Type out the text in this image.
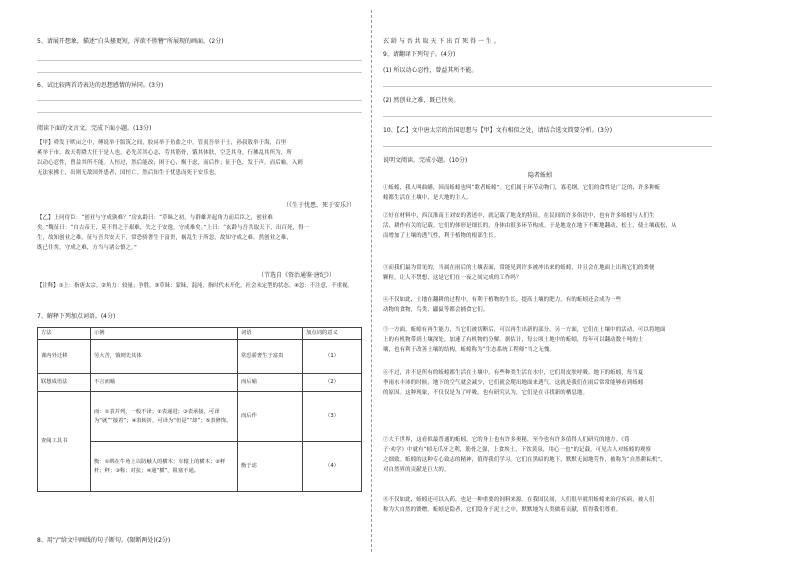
5、请展开想象，描述“白头搔更短，浑欲不胜簪”所展现的画面。(2分)
6、试比较两首诗表达的思想感情的异同。(3分)
阅读下面的文言文，完成下面小题。(13分)
【甲】舜发于畎亩之中，傅说举于版筑之间，胶鬲举于鱼盐之中，管夷吾举于士，孙叔敖举于海，百里
奚举于市。故天将降大任于是人也，必先苦其心志，劳其筋骨，饿其体肤，空乏其身，行拂乱其所为，所
以动心忍性，曾益其所不能。人恒过，然后能改；困于心，衡于虑，而后作；征于色，发于声，而后喻。入则
无法家拂士，出则无敌国外患者，国恒亡。然后知生于忧患而死于安乐也。
（《生于忧患，死于安乐》）
【乙】上问侍臣：“创业与守成孰难？”房玄龄曰：“草昧之初，与群雄并起角力而后臣之，创业难
矣。”魏征曰：“自古帝王，莫不得之于艰难，失之于安逸，守成难矣。”上曰：“玄龄与吾共取天下，出百死，得一
生，故知创业之难。征与吾共安天下，常恐骄奢生于富贵，祸乱生于所忽，故知守成之难。然创业之难，
既已往矣，守成之难，方当与诸公慎之。”
（节选自《资治通鉴·唐纪》）
【注释】①上：指唐太宗。②角力：较量；争胜。③草昧：蒙昧，混沌，指时代未开化，社会未定型的状态。④忽：不注意，不重视。
7、解释下列加点词语。(4分)
方法	示例	词语	加点词的意义
课内外迁移	劳大苦，饿则先其体	常恐骄奢生于富贵	（1）
联想成语法	不言而喻	而后喻	（2）
查阅工具书	而：①表并列，一般不译；②表递进；③表承接，可译为“就”“接着”；④表转折，可译为“但是”“却”；⑤表修饰。	而后作	（3）
	衡：①绑在牛角上以防触人的横木；车辕上的横木；②秤杆；秤；③称；对抗；④通“横”，阻塞不通。	衡于虑	（4）
8、用“/”给文中画线的句子断句。(限断两处)(2分)
玄 龄 与 吾 共 取 天 下 出 百 死 得 一 生 。
9、请翻译下列句子。(4分)
(1) 所以动心忍性，曾益其所不能。
(2) 然创业之难，既已往矣。
10、【乙】文中唐太宗的治国思想与【甲】文有相似之处，请结合选文简要分析。(3分)
说明文阅读，完成小题。(10分)
隐者蚯蚓
①蚯蚓，我人叫曲蟮，因而蚯蚓也叫“歌者蚯蚓”。它们属于环节动物门，寡毛纲。它们的食性是广泛的，许多种蚯
蚓都生活在土壤中，是大地的主人。
②好在材料中，西汉淮南王刘安的著述中，就记载了地龙的特征，在民间的许多俗语中，也有许多蚯蚓与人们生
活、耕作有关的记载。它们的体形是细长的，身体由很多环节构成。于是地龙在地下不断地翻动、松土，使土壤疏松，从
而增加了土壤的透气性，利于植物的根部生长。
③而我们最为常见的，当属在雨后的土壤表面，常能见到许多被冲出来的蚯蚓，并且会在地面上出现它们的粪便
颗粒，让人不禁想，这是它们在一夜之间完成的工作吗？
④不仅如此，土地在翻耕的过程中，有利于植物的生长，提高土壤的肥力，有的蚯蚓还会成为一些
动物的食物，鸟类、鼹鼠等都会捕食它们。
⑤一方面，蚯蚓有再生能力，当它们被切断后，可以再生出新的部分。另一方面，它们在土壤中的活动，可以将地面
上的有机物带到土壤深处，加速了有机物的分解。据估计，每公顷土地中的蚯蚓，每年可以翻动数十吨的土
壤，也有利于改善土壤的结构，蚯蚓称为“生态系统工程师”当之无愧。
⑥不过，并不是所有的蚯蚓都生活在土壤中，有些种类生活在水中，它们用皮肤呼吸。地下的蚯蚓，每当夏
季雨水丰沛的时候，地下的空气就会减少，它们就会爬出地面来透气。这就是我们在雨后常常能够看到蚯蚓
的原因。这种现象，不仅仅是为了呼吸，也有研究认为，它们是在寻找新的栖息地。
⑦大千世界，这看似最普通的蚯蚓，它的身上也有许多奥秘，至今也有许多值得人们研究的地方。《荀
子·劝学》中就有“蚓无爪牙之利，筋骨之强，上食埃土，下饮黄泉，用心一也”的记载，可见古人对蚯蚓的观察
之细致。蚯蚓的这种专心致志的精神，值得我们学习。它们在黑暗的地下，默默无闻地劳作，被称为“自然耕耘机”，
对自然界的贡献是巨大的。
⑧不仅如此，蚯蚓还可以入药，也是一种重要的饲料来源。在我国民间，人们很早就用蚯蚓来治疗疾病，被人们
称为大自然的馈赠。蚯蚓是隐者，它们隐身于泥土之中，默默地为人类做着贡献，值得我们尊重。
